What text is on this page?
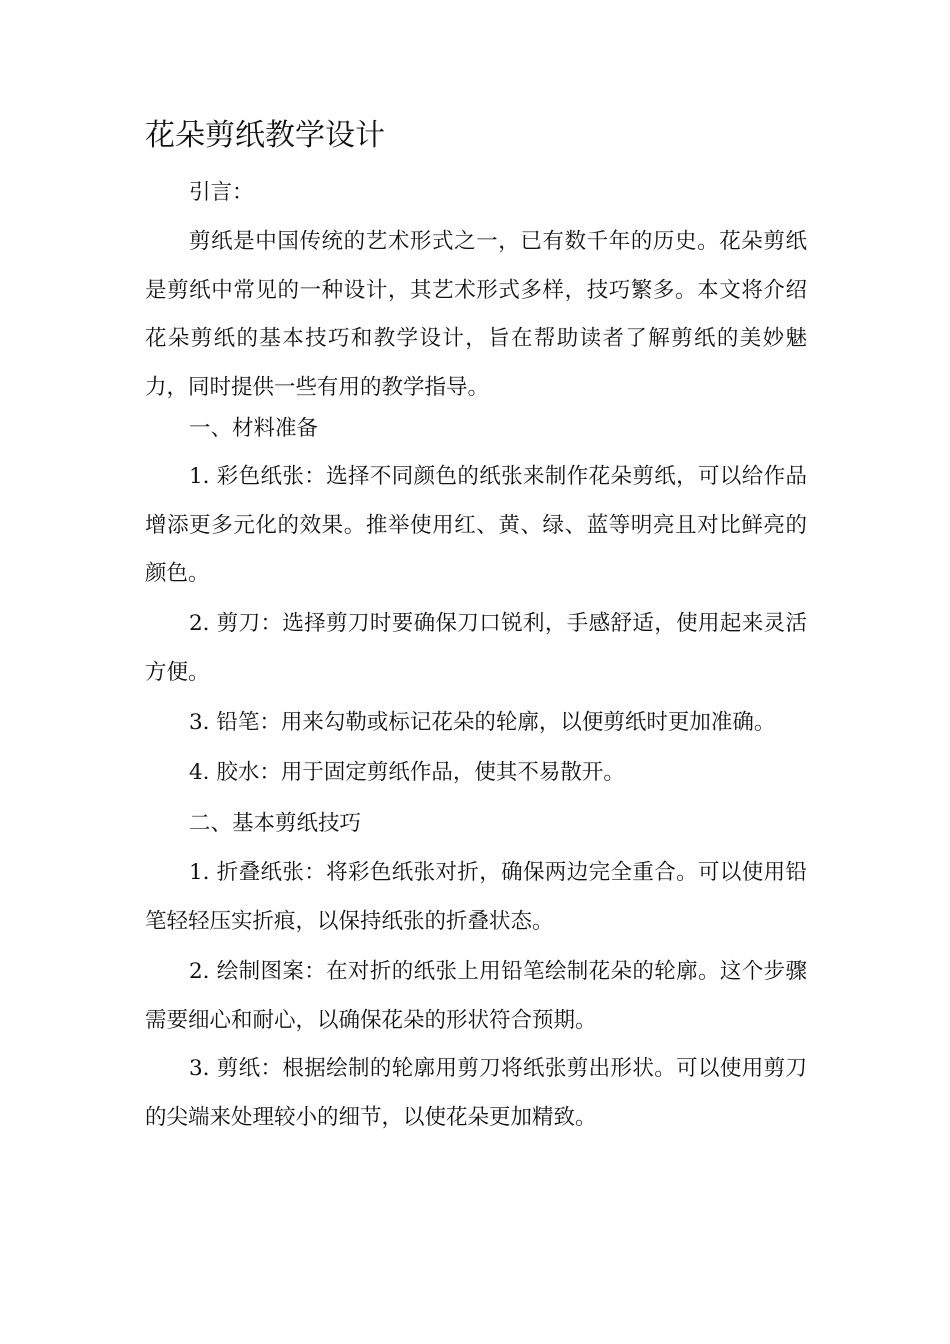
花朵剪纸教学设计

引言：

剪纸是中国传统的艺术形式之一，已有数千年的历史。花朵剪纸是剪纸中常见的一种设计，其艺术形式多样，技巧繁多。本文将介绍花朵剪纸的基本技巧和教学设计，旨在帮助读者了解剪纸的美妙魅力，同时提供一些有用的教学指导。

一、材料准备

1. 彩色纸张：选择不同颜色的纸张来制作花朵剪纸，可以给作品增添更多元化的效果。推举使用红、黄、绿、蓝等明亮且对比鲜亮的颜色。

2. 剪刀：选择剪刀时要确保刀口锐利，手感舒适，使用起来灵活方便。

3. 铅笔：用来勾勒或标记花朵的轮廓，以便剪纸时更加准确。

4. 胶水：用于固定剪纸作品，使其不易散开。

二、基本剪纸技巧

1. 折叠纸张：将彩色纸张对折，确保两边完全重合。可以使用铅笔轻轻压实折痕，以保持纸张的折叠状态。

2. 绘制图案：在对折的纸张上用铅笔绘制花朵的轮廓。这个步骤需要细心和耐心，以确保花朵的形状符合预期。

3. 剪纸：根据绘制的轮廓用剪刀将纸张剪出形状。可以使用剪刀的尖端来处理较小的细节，以使花朵更加精致。
